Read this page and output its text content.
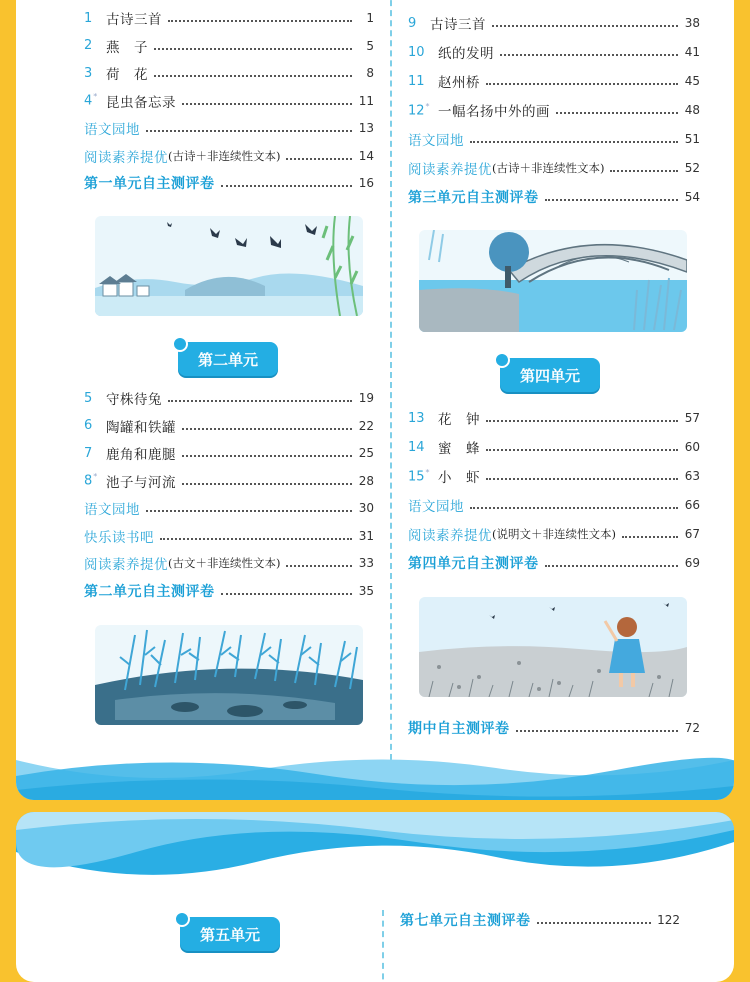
1	古诗三首	1
2	燕　子	5
3	荷　花	8
4* 昆虫备忘录	11
语文园地	13
阅读素养提优 (古诗＋非连续性文本)	14
第一单元自主测评卷	16
第二单元
5	守株待兔	19
6	陶罐和铁罐	22
7	鹿角和鹿腿	25
8* 池子与河流	28
语文园地	30
快乐读书吧	31
阅读素养提优 (古文＋非连续性文本)	33
第二单元自主测评卷	35
9	古诗三首	38
10 纸的发明	41
11 赵州桥	45
12* 一幅名扬中外的画	48
语文园地	51
阅读素养提优 (古诗＋非连续性文本)	52
第三单元自主测评卷	54
第四单元
13 花　钟	57
14 蜜　蜂	60
15* 小　虾	63
语文园地	66
阅读素养提优 (说明文＋非连续性文本)	67
第四单元自主测评卷	69
期中自主测评卷	72
第五单元
第七单元自主测评卷	122
